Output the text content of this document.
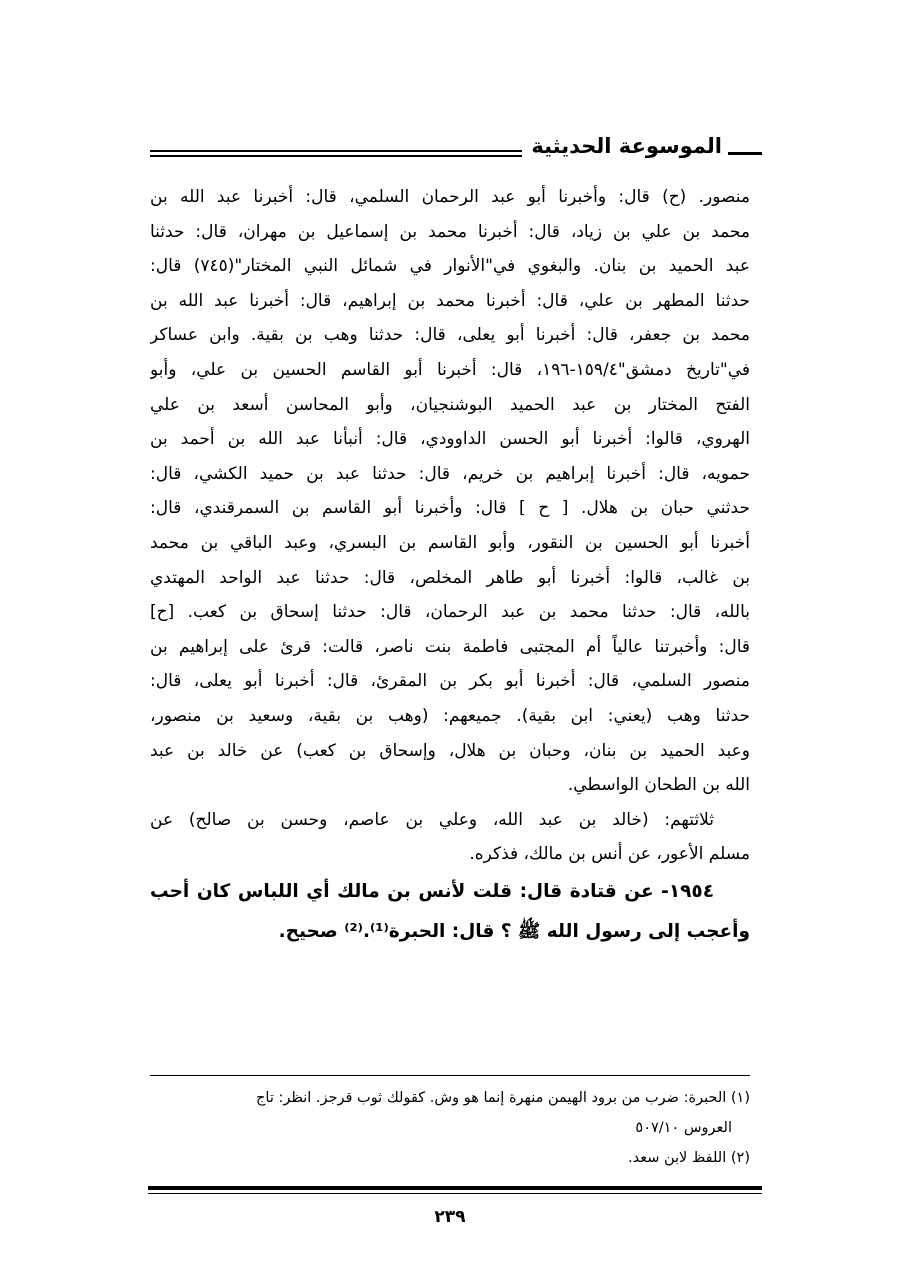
الموسوعة الحديثية

منصور. (ح) قال: وأخبرنا أبو عبد الرحمان السلمي، قال: أخبرنا عبد الله بن
محمد بن علي بن زياد، قال: أخبرنا محمد بن إسماعيل بن مهران، قال: حدثنا
عبد الحميد بن بنان. والبغوي في"الأنوار في شمائل النبي المختار"(٧٤٥) قال:
حدثنا المطهر بن علي، قال: أخبرنا محمد بن إبراهيم، قال: أخبرنا عبد الله بن
محمد بن جعفر، قال: أخبرنا أبو يعلى، قال: حدثنا وهب بن بقية. وابن عساكر
في"تاريخ دمشق"١٥٩/٤-١٩٦، قال: أخبرنا أبو القاسم الحسين بن علي، وأبو
الفتح المختار بن عبد الحميد البوشنجيان، وأبو المحاسن أسعد بن علي
الهروي، قالوا: أخبرنا أبو الحسن الداوودي، قال: أنبأنا عبد الله بن أحمد بن
حمويه، قال: أخبرنا إبراهيم بن خريم، قال: حدثنا عبد بن حميد الكشي، قال:
حدثني حبان بن هلال. [ ح ] قال: وأخبرنا أبو القاسم بن السمرقندي، قال:
أخبرنا أبو الحسين بن النقور، وأبو القاسم بن البسري، وعبد الباقي بن محمد
بن غالب، قالوا: أخبرنا أبو طاهر المخلص، قال: حدثنا عبد الواحد المهتدي
بالله، قال: حدثنا محمد بن عبد الرحمان، قال: حدثنا إسحاق بن كعب. [ح]
قال: وأخبرتنا عالياً أم المجتبى فاطمة بنت ناصر، قالت: قرئ على إبراهيم بن
منصور السلمي، قال: أخبرنا أبو بكر بن المقرئ، قال: أخبرنا أبو يعلى، قال:
حدثنا وهب (يعني: ابن بقية). جميعهم: (وهب بن بقية، وسعيد بن منصور،
وعبد الحميد بن بنان، وحبان بن هلال، وإسحاق بن كعب) عن خالد بن عبد
الله بن الطحان الواسطي.

ثلاثتهم: (خالد بن عبد الله، وعلي بن عاصم، وحسن بن صالح) عن
مسلم الأعور، عن أنس بن مالك، فذكره.

١٩٥٤- عن قتادة قال: قلت لأنس بن مالك أي اللباس كان أحب
وأعجب إلى رسول الله ﷺ ؟ قال: الحبرة⁽¹⁾.⁽²⁾ صحيح.

(١) الحبرة: ضرب من برود الهيمن منهرة إنما هو وش. كقولك ثوب قرجز. انظر: تاج
العروس ٥٠٧/١٠
(٢) اللفظ لابن سعد.
٢٣٩
